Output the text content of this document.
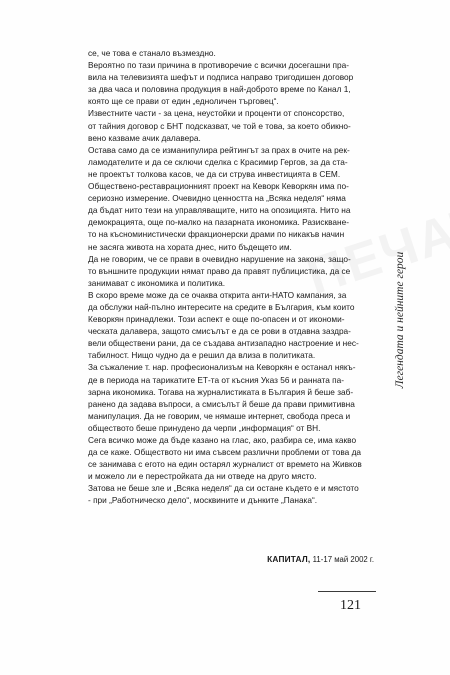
се, че това е станало възмездно.

Вероятно по тази причина в противоречие с всички досегашни пра-
вила на телевизията шефът и подписа направо тригодишен договор
за два часа и половина продукция в най-доброто време по Канал 1,
която ще се прави от един „едноличен търговец“.

Известните части - за цена, неустойки и проценти от спонсорство,
от тайния договор с БНТ подсказват, че той е това, за което обикно-
вено казваме ачик далавера.

Остава само да се изманипулира рейтингът за прах в очите на рек-
ламодателите и да се сключи сделка с Красимир Гергов, за да ста-
не проектът толкова касов, че да си струва инвестицията в СЕМ.

Обществено-реставрационният проект на Кеворк Кеворкян има по-
сериозно измерение. Очевидно ценността на „Всяка неделя“ няма
да бъдат нито тези на управляващите, нито на опозицията. Нито на
демокрацията, още по-малко на пазарната икономика. Разискване-
то на късноминистически фракционерски драми по никакъв начин
не засяга живота на хората днес, нито бъдещето им.

Да не говорим, че се прави в очевидно нарушение на закона, защо-
то външните продукции нямат право да правят публицистика, да се
занимават с икономика и политика.

В скоро време може да се очаква открита анти-НАТО кампания, за
да обслужи най-пълно интересите на средите в България, към които
Кеворкян принадлежи. Този аспект е още по-опасен и от икономи-
ческата далавера, защото смисълът е да се рови в отдавна заздра-
вели обществени рани, да се създава антизападно настроение и нес-
табилност. Нищо чудно да е решил да влиза в политиката.

За съжаление т. нар. професионализъм на Кеворкян е останал някъ-
де в периода на тарикатите ЕТ-та от късния Указ 56 и ранната па-
зарна икономика. Тогава на журналистиката в България й беше заб-
ранено да задава въпроси, а смисълът й беше да прави примитивна
манипулация. Да не говорим, че нямаше интернет, свобода преса и
обществото беше принудено да черпи „информация“ от ВН.

Сега всичко може да бъде казано на глас, ако, разбира се, има какво
да се каже. Обществото ни има съвсем различни проблеми от това да
се занимава с егото на един остарял журналист от времето на Живков
и можело ли е перестройката да ни отведе на друго място.

Затова не беше зле и „Всяка неделя“ да си остане където е и мястото
- при „Работническо дело“, москвините и дънките „Панака“.

КАПИТАЛ, 11-17 май 2002 г.
Легендата и нейните герои
121
